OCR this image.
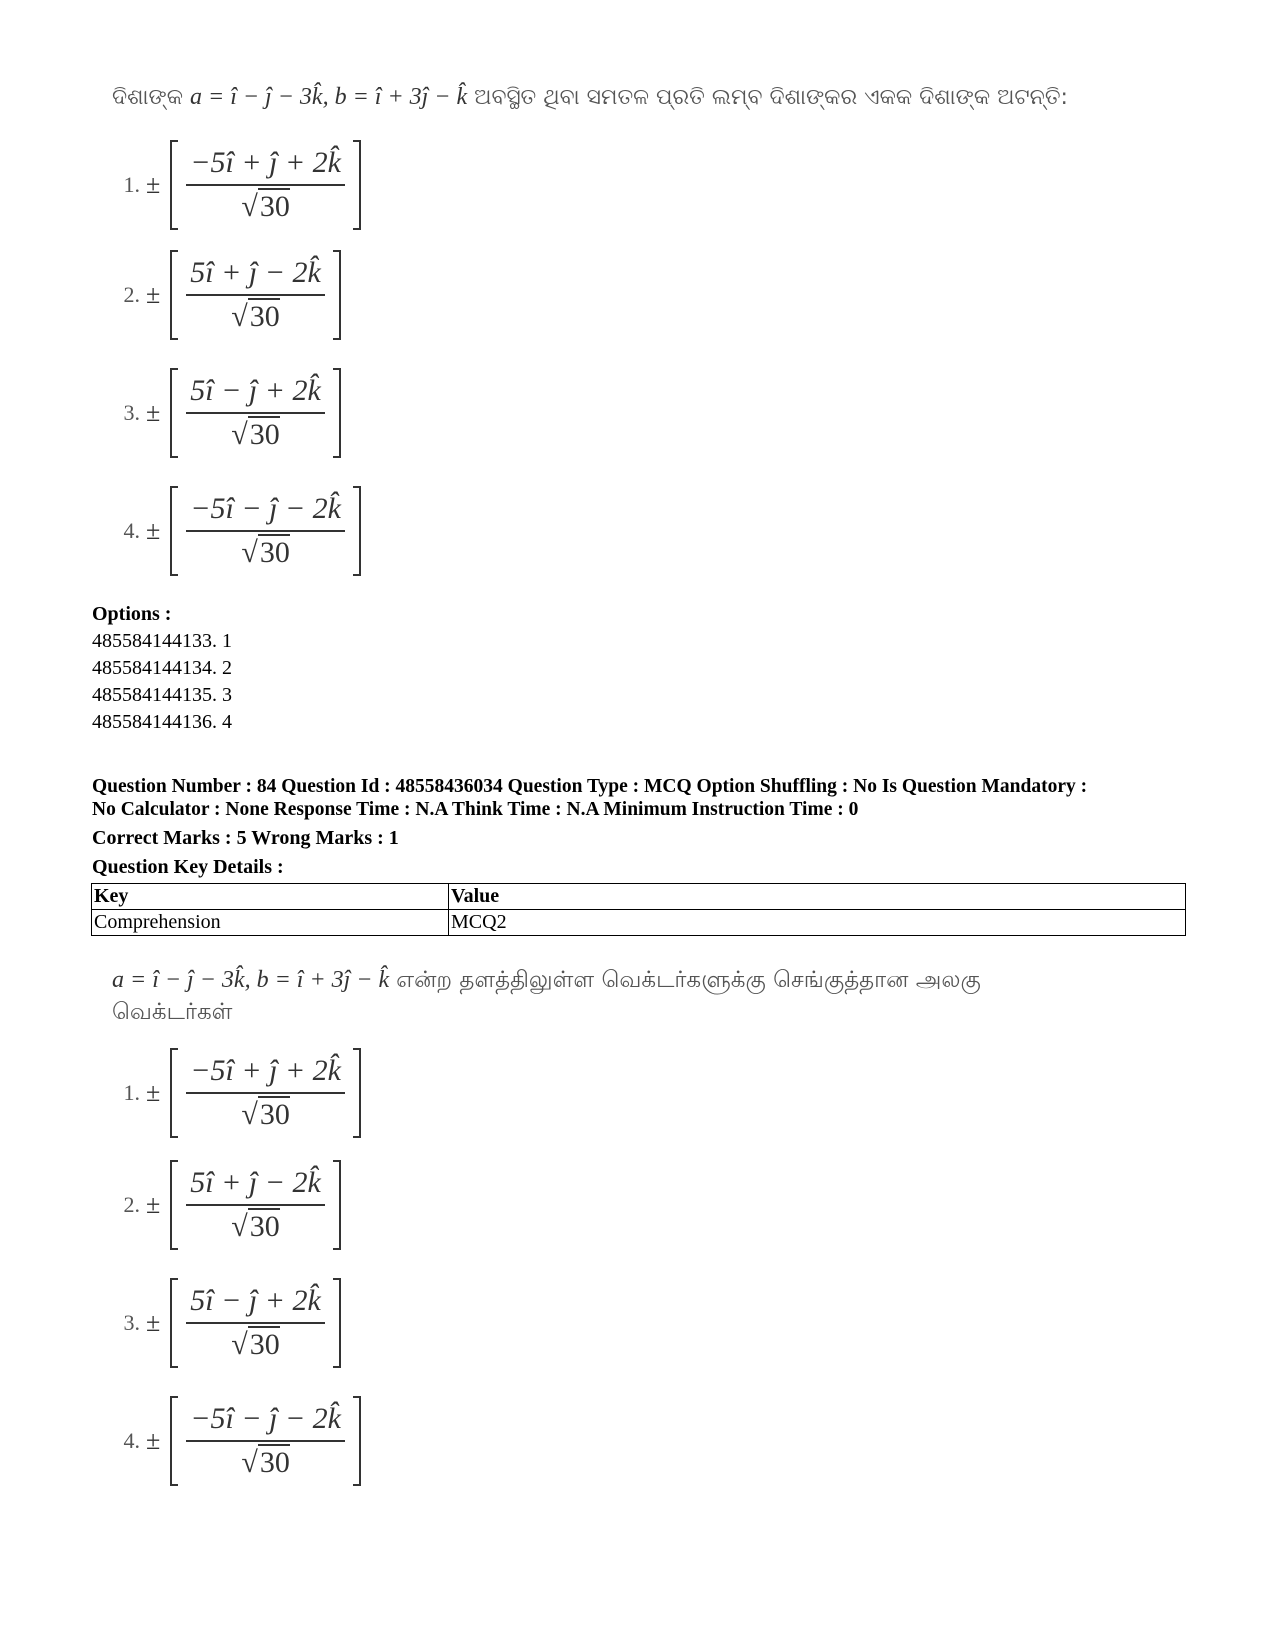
ଦିଶାଙ୍କ a = î − ĵ − 3k̂, b = î + 3ĵ − k̂ ଅବସ୍ଥିତ ଥିବା ସମତଳ ପ୍ରତି ଲମ୍ବ ଦିଶାଙ୍କର ଏକକ ଦିଶାଙ୍କ ଅଟନ୍ତି:
1. ± $\frac{-5î + ĵ + 2k̂}{√30}$
2. ± $\frac{5î + ĵ - 2k̂}{√30}$
3. ± $\frac{5î - ĵ + 2k̂}{√30}$
4. ± $\frac{-5î - ĵ - 2k̂}{√30}$
Options :
485584144133. 1
485584144134. 2
485584144135. 3
485584144136. 4
Question Number : 84 Question Id : 48558436034 Question Type : MCQ Option Shuffling : No Is Question Mandatory :
No Calculator : None Response Time : N.A Think Time : N.A Minimum Instruction Time : 0
Correct Marks : 5 Wrong Marks : 1
Question Key Details :
Key	Value
Comprehension	MCQ2
a = î − ĵ − 3k̂, b = î + 3ĵ − k̂ என்ற தளத்திலுள்ள வெக்டர்களுக்கு செங்குத்தான அலகு
வெக்டர்கள்
1. ± $\frac{-5î + ĵ + 2k̂}{√30}$
2. ± $\frac{5î + ĵ - 2k̂}{√30}$
3. ± $\frac{5î - ĵ + 2k̂}{√30}$
4. ± $\frac{-5î - ĵ - 2k̂}{√30}$
